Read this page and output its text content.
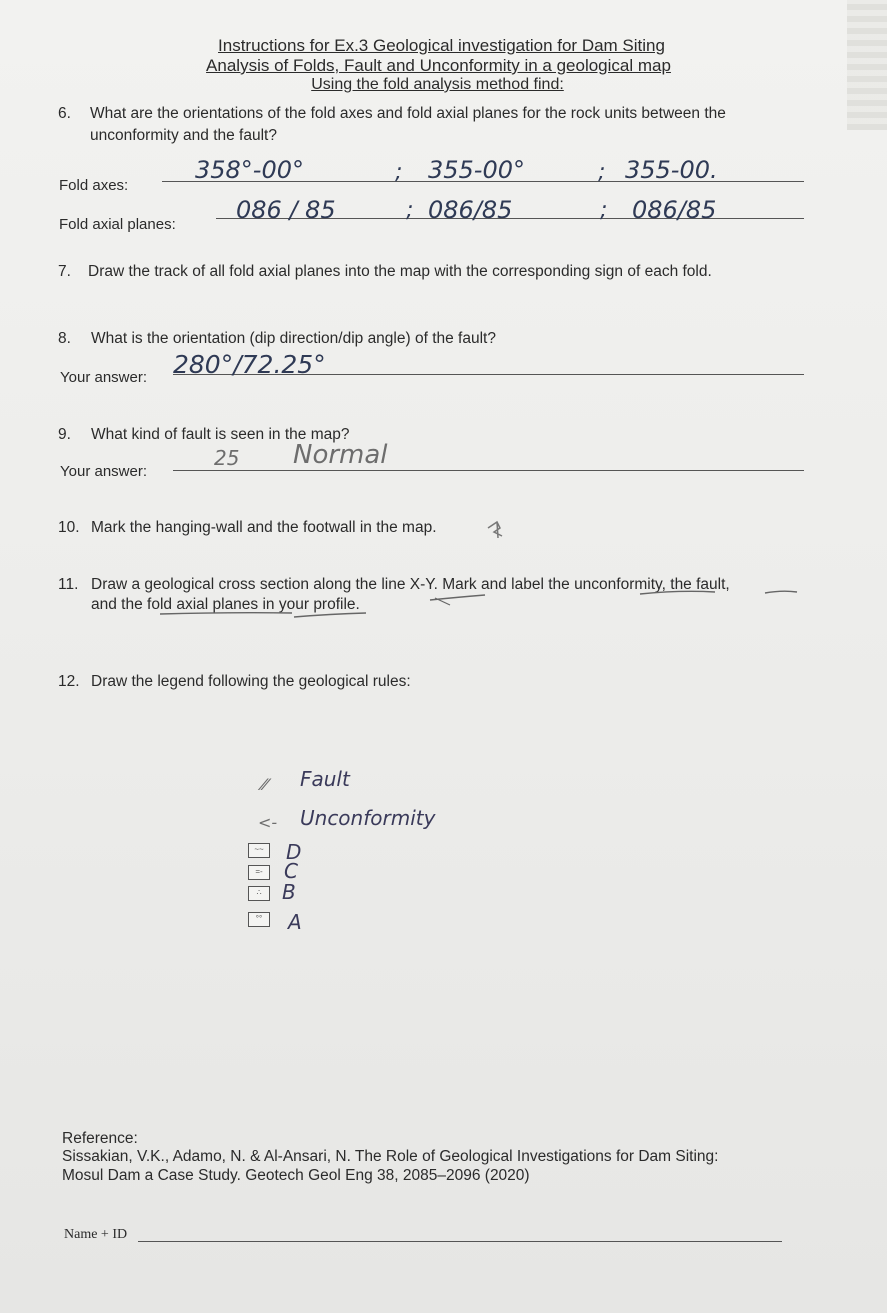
Instructions for Ex.3 Geological investigation for Dam Siting
Analysis of Folds, Fault and Unconformity in a geological map
Using the fold analysis method find:
6. What are the orientations of the fold axes and fold axial planes for the rock units between the
unconformity and the fault?
Fold axes:
358°-00°	; 355-00°	; 355-00.
Fold axial planes:
086 / 85	; 086/85	; 086/85
7. Draw the track of all fold axial planes into the map with the corresponding sign of each fold.
8. What is the orientation (dip direction/dip angle) of the fault?
Your answer: 280°/72.25°
9. What kind of fault is seen in the map?
Your answer:
25 Normal
10. Mark the hanging-wall and the footwall in the map.
11. Draw a geological cross section along the line X-Y. Mark and label the unconformity, the fault,
and the fold axial planes in your profile.
12. Draw the legend following the geological rules:
⁄⁄ Fault
<- Unconformity
~~ D
=-	C
∴	B
°°	A
Reference:
Sissakian, V.K., Adamo, N. & Al-Ansari, N. The Role of Geological Investigations for Dam Siting:
Mosul Dam a Case Study. Geotech Geol Eng 38, 2085–2096 (2020)
Name + ID
